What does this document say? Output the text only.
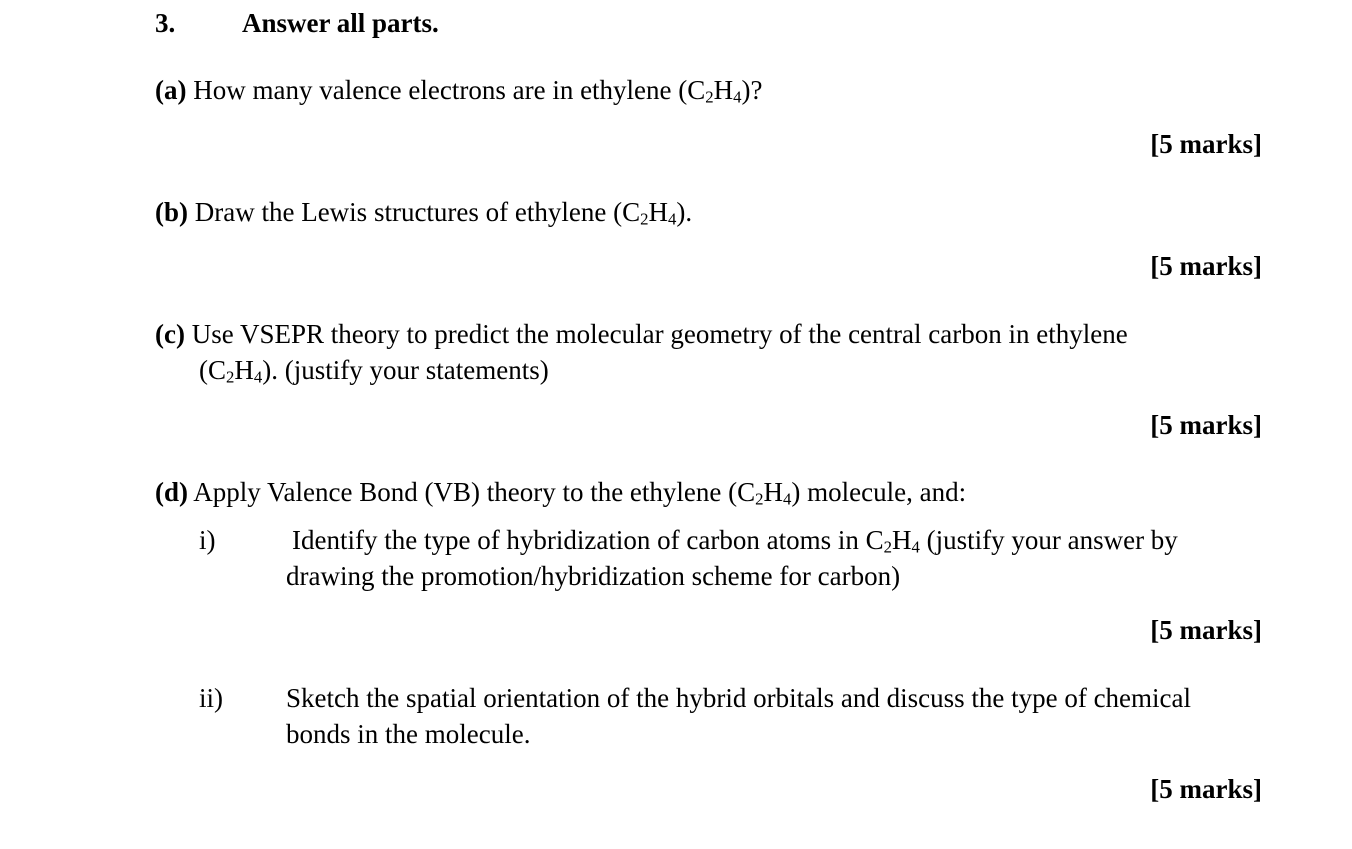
3. Answer all parts.
(a) How many valence electrons are in ethylene $(C_2H_4)$?
[5 marks]
(b) Draw the Lewis structures of ethylene $(C_2H_4)$.
[5 marks]
(c) Use VSEPR theory to predict the molecular geometry of the central carbon in ethylene
$(C_2H_4)$. (justify your statements)
[5 marks]
(d) Apply Valence Bond (VB) theory to the ethylene $(C_2H_4)$ molecule, and:
i)	Identify the type of hybridization of carbon atoms in $C_2H_4$ (justify your answer by
drawing the promotion/hybridization scheme for carbon)
[5 marks]
ii) Sketch the spatial orientation of the hybrid orbitals and discuss the type of chemical
bonds in the molecule.
[5 marks]
